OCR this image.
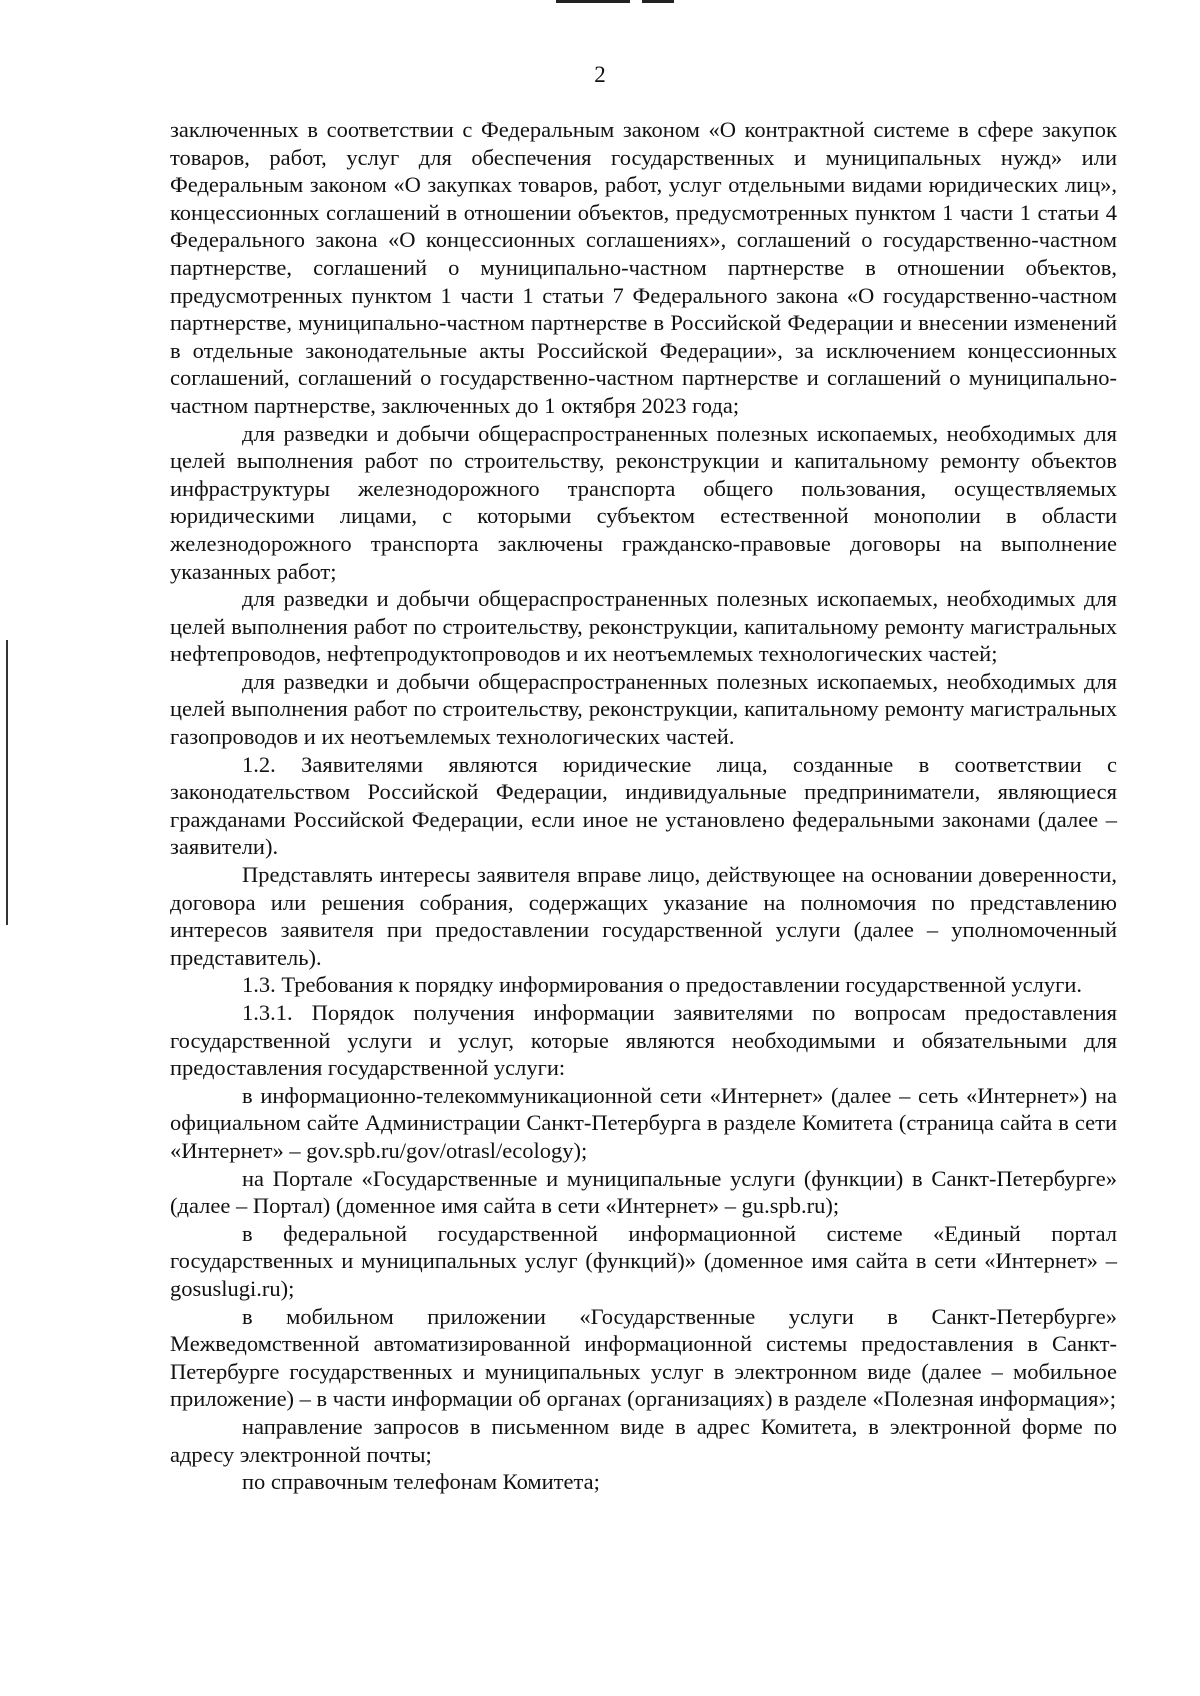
2

заключенных в соответствии с Федеральным законом «О контрактной системе в сфере закупок товаров, работ, услуг для обеспечения государственных и муниципальных нужд» или Федеральным законом «О закупках товаров, работ, услуг отдельными видами юридических лиц», концессионных соглашений в отношении объектов, предусмотренных пунктом 1 части 1 статьи 4 Федерального закона «О концессионных соглашениях», соглашений о государственно-частном партнерстве, соглашений о муниципально-частном партнерстве в отношении объектов, предусмотренных пунктом 1 части 1 статьи 7 Федерального закона «О государственно-частном партнерстве, муниципально-частном партнерстве в Российской Федерации и внесении изменений в отдельные законодательные акты Российской Федерации», за исключением концессионных соглашений, соглашений о государственно-частном партнерстве и соглашений о муниципально-частном партнерстве, заключенных до 1 октября 2023 года;

для разведки и добычи общераспространенных полезных ископаемых, необходимых для целей выполнения работ по строительству, реконструкции и капитальному ремонту объектов инфраструктуры железнодорожного транспорта общего пользования, осуществляемых юридическими лицами, с которыми субъектом естественной монополии в области железнодорожного транспорта заключены гражданско-правовые договоры на выполнение указанных работ;

для разведки и добычи общераспространенных полезных ископаемых, необходимых для целей выполнения работ по строительству, реконструкции, капитальному ремонту магистральных нефтепроводов, нефтепродуктопроводов и их неотъемлемых технологических частей;

для разведки и добычи общераспространенных полезных ископаемых, необходимых для целей выполнения работ по строительству, реконструкции, капитальному ремонту магистральных газопроводов и их неотъемлемых технологических частей.

1.2. Заявителями являются юридические лица, созданные в соответствии с законодательством Российской Федерации, индивидуальные предприниматели, являющиеся гражданами Российской Федерации, если иное не установлено федеральными законами (далее – заявители).

Представлять интересы заявителя вправе лицо, действующее на основании доверенности, договора или решения собрания, содержащих указание на полномочия по представлению интересов заявителя при предоставлении государственной услуги (далее – уполномоченный представитель).

1.3. Требования к порядку информирования о предоставлении государственной услуги.

1.3.1. Порядок получения информации заявителями по вопросам предоставления государственной услуги и услуг, которые являются необходимыми и обязательными для предоставления государственной услуги:

в информационно-телекоммуникационной сети «Интернет» (далее – сеть «Интернет») на официальном сайте Администрации Санкт-Петербурга в разделе Комитета (страница сайта в сети «Интернет» – gov.spb.ru/gov/otrasl/ecology);

на Портале «Государственные и муниципальные услуги (функции) в Санкт-Петербурге» (далее – Портал) (доменное имя сайта в сети «Интернет» – gu.spb.ru);

в федеральной государственной информационной системе «Единый портал государственных и муниципальных услуг (функций)» (доменное имя сайта в сети «Интернет» – gosuslugi.ru);

в мобильном приложении «Государственные услуги в Санкт-Петербурге» Межведомственной автоматизированной информационной системы предоставления в Санкт-Петербурге государственных и муниципальных услуг в электронном виде (далее – мобильное приложение) – в части информации об органах (организациях) в разделе «Полезная информация»;

направление запросов в письменном виде в адрес Комитета, в электронной форме по адресу электронной почты;

по справочным телефонам Комитета;
